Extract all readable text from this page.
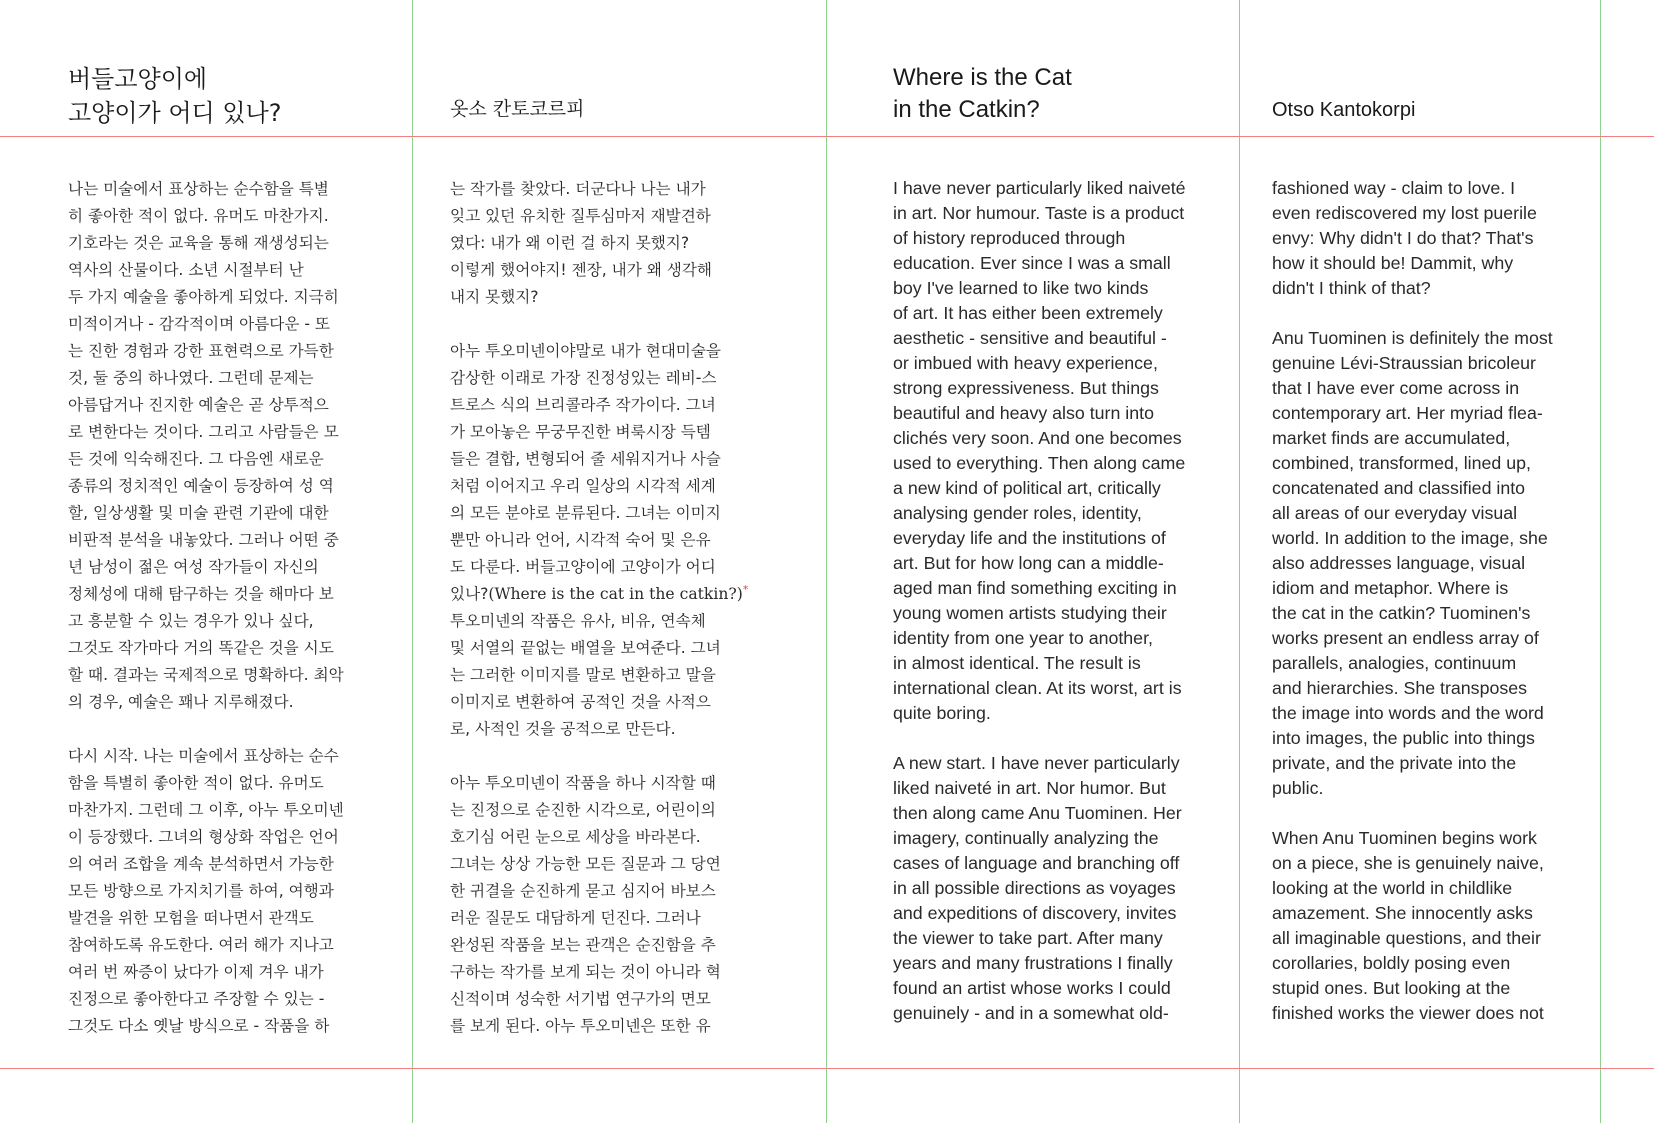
버들고양이에
고양이가 어디 있나?	옷소 칸토코르피
Where is the Cat
in the Catkin?	Otso Kantokorpi

나는 미술에서 표상하는 순수함을 특별
히 좋아한 적이 없다. 유머도 마찬가지.
기호라는 것은 교육을 통해 재생성되는
역사의 산물이다. 소년 시절부터 난
두 가지 예술을 좋아하게 되었다. 지극히
미적이거나 - 감각적이며 아름다운 - 또
는 진한 경험과 강한 표현력으로 가득한
것, 둘 중의 하나였다. 그런데 문제는
아름답거나 진지한 예술은 곧 상투적으
로 변한다는 것이다. 그리고 사람들은 모
든 것에 익숙해진다. 그 다음엔 새로운
종류의 정치적인 예술이 등장하여 성 역
할, 일상생활 및 미술 관련 기관에 대한
비판적 분석을 내놓았다. 그러나 어떤 중
년 남성이 젊은 여성 작가들이 자신의
정체성에 대해 탐구하는 것을 해마다 보
고 흥분할 수 있는 경우가 있나 싶다,
그것도 작가마다 거의 똑같은 것을 시도
할 때. 결과는 국제적으로 명확하다. 최악
의 경우, 예술은 꽤나 지루해졌다.

다시 시작. 나는 미술에서 표상하는 순수
함을 특별히 좋아한 적이 없다. 유머도
마찬가지. 그런데 그 이후, 아누 투오미넨
이 등장했다. 그녀의 형상화 작업은 언어
의 여러 조합을 계속 분석하면서 가능한
모든 방향으로 가지치기를 하여, 여행과
발견을 위한 모험을 떠나면서 관객도
참여하도록 유도한다. 여러 해가 지나고
여러 번 짜증이 났다가 이제 겨우 내가
진정으로 좋아한다고 주장할 수 있는 -
그것도 다소 옛날 방식으로 - 작품을 하

는 작가를 찾았다. 더군다나 나는 내가
잊고 있던 유치한 질투심마저 재발견하
였다: 내가 왜 이런 걸 하지 못했지?
이렇게 했어야지! 젠장, 내가 왜 생각해
내지 못했지?

아누 투오미넨이야말로 내가 현대미술을
감상한 이래로 가장 진정성있는 레비-스
트로스 식의 브리콜라주 작가이다. 그녀
가 모아놓은 무궁무진한 벼룩시장 득템
들은 결합, 변형되어 줄 세워지거나 사슬
처럼 이어지고 우리 일상의 시각적 세계
의 모든 분야로 분류된다. 그녀는 이미지
뿐만 아니라 언어, 시각적 숙어 및 은유
도 다룬다. 버들고양이에 고양이가 어디
있나?(Where is the cat in the catkin?)*
투오미넨의 작품은 유사, 비유, 연속체
및 서열의 끝없는 배열을 보여준다. 그녀
는 그러한 이미지를 말로 변환하고 말을
이미지로 변환하여 공적인 것을 사적으
로, 사적인 것을 공적으로 만든다.

아누 투오미넨이 작품을 하나 시작할 때
는 진정으로 순진한 시각으로, 어린이의
호기심 어린 눈으로 세상을 바라본다.
그녀는 상상 가능한 모든 질문과 그 당연
한 귀결을 순진하게 묻고 심지어 바보스
러운 질문도 대담하게 던진다. 그러나
완성된 작품을 보는 관객은 순진함을 추
구하는 작가를 보게 되는 것이 아니라 혁
신적이며 성숙한 서기법 연구가의 면모
를 보게 된다. 아누 투오미넨은 또한 유

I have never particularly liked naiveté
in art. Nor humour. Taste is a product
of history reproduced through
education. Ever since I was a small
boy I've learned to like two kinds
of art. It has either been extremely
aesthetic - sensitive and beautiful -
or imbued with heavy experience,
strong expressiveness. But things
beautiful and heavy also turn into
clichés very soon. And one becomes
used to everything. Then along came
a new kind of political art, critically
analysing gender roles, identity,
everyday life and the institutions of
art. But for how long can a middle-
aged man find something exciting in
young women artists studying their
identity from one year to another,
in almost identical. The result is
international clean. At its worst, art is
quite boring.

A new start. I have never particularly
liked naiveté in art. Nor humor. But
then along came Anu Tuominen. Her
imagery, continually analyzing the
cases of language and branching off
in all possible directions as voyages
and expeditions of discovery, invites
the viewer to take part. After many
years and many frustrations I finally
found an artist whose works I could
genuinely - and in a somewhat old-

fashioned way - claim to love. I
even rediscovered my lost puerile
envy: Why didn't I do that? That's
how it should be! Dammit, why
didn't I think of that?

Anu Tuominen is definitely the most
genuine Lévi-Straussian bricoleur
that I have ever come across in
contemporary art. Her myriad flea-
market finds are accumulated,
combined, transformed, lined up,
concatenated and classified into
all areas of our everyday visual
world. In addition to the image, she
also addresses language, visual
idiom and metaphor. Where is
the cat in the catkin? Tuominen's
works present an endless array of
parallels, analogies, continuum
and hierarchies. She transposes
the image into words and the word
into images, the public into things
private, and the private into the
public.

When Anu Tuominen begins work
on a piece, she is genuinely naive,
looking at the world in childlike
amazement. She innocently asks
all imaginable questions, and their
corollaries, boldly posing even
stupid ones. But looking at the
finished works the viewer does not
